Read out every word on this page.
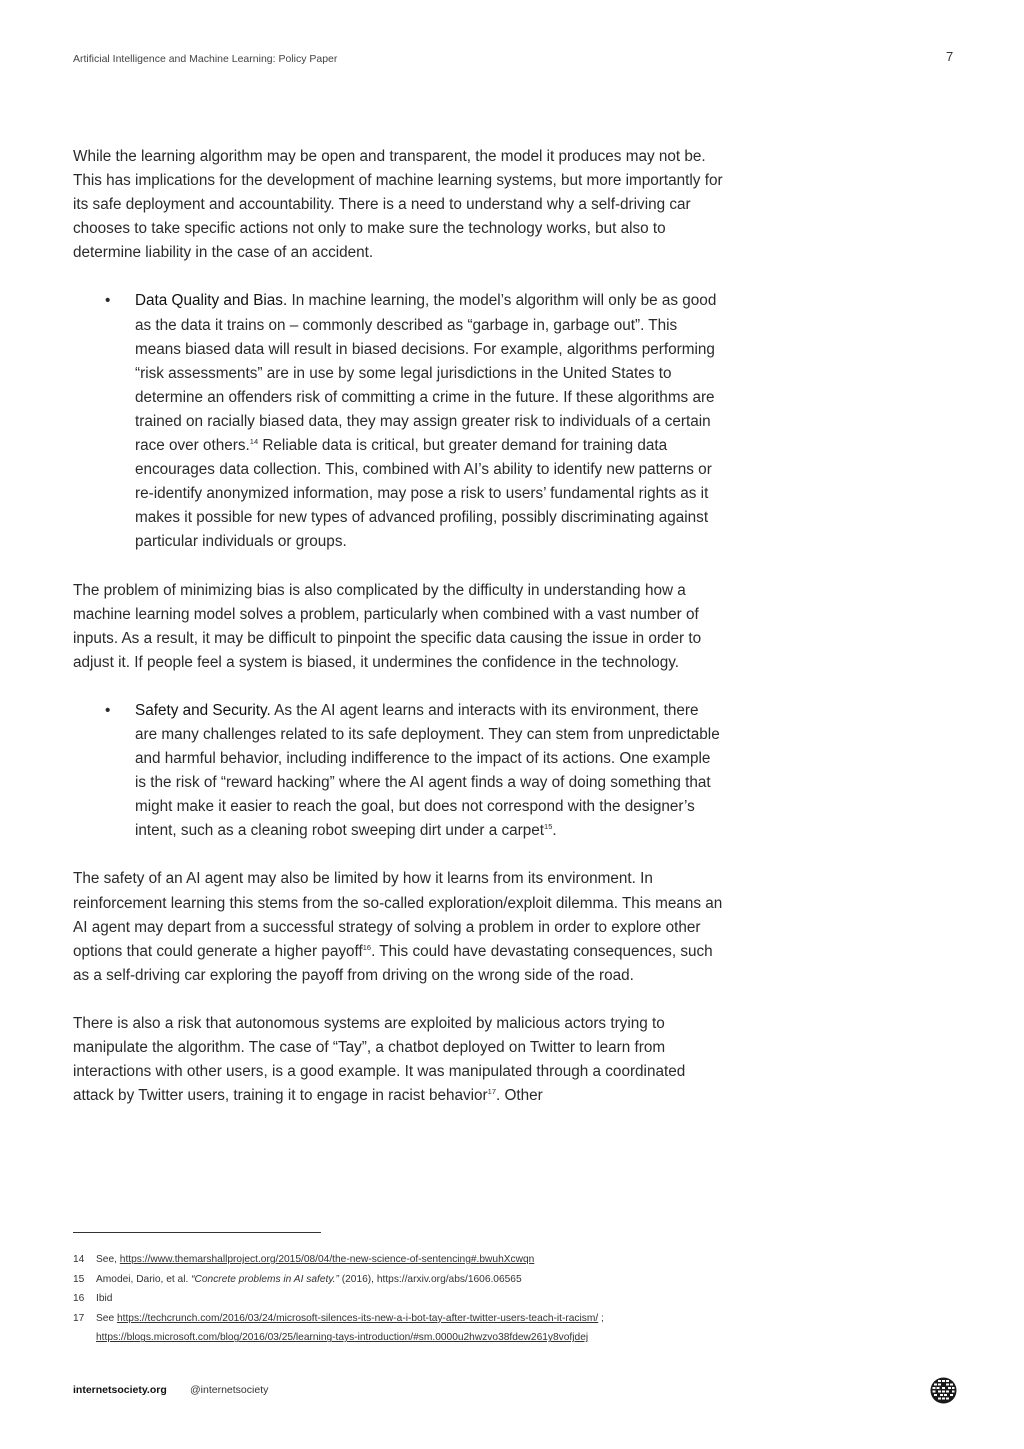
Artificial Intelligence and Machine Learning: Policy Paper	7

While the learning algorithm may be open and transparent, the model it produces may not be. This has implications for the development of machine learning systems, but more importantly for its safe deployment and accountability. There is a need to understand why a self-driving car chooses to take specific actions not only to make sure the technology works, but also to determine liability in the case of an accident.

• Data Quality and Bias. In machine learning, the model’s algorithm will only be as good as the data it trains on – commonly described as “garbage in, garbage out”. This means biased data will result in biased decisions. For example, algorithms performing “risk assessments” are in use by some legal jurisdictions in the United States to determine an offenders risk of committing a crime in the future. If these algorithms are trained on racially biased data, they may assign greater risk to individuals of a certain race over others.$^{14}$ Reliable data is critical, but greater demand for training data encourages data collection. This, combined with AI’s ability to identify new patterns or re-identify anonymized information, may pose a risk to users’ fundamental rights as it makes it possible for new types of advanced profiling, possibly discriminating against particular individuals or groups.

The problem of minimizing bias is also complicated by the difficulty in understanding how a machine learning model solves a problem, particularly when combined with a vast number of inputs. As a result, it may be difficult to pinpoint the specific data causing the issue in order to adjust it. If people feel a system is biased, it undermines the confidence in the technology.

• Safety and Security. As the AI agent learns and interacts with its environment, there are many challenges related to its safe deployment. They can stem from unpredictable and harmful behavior, including indifference to the impact of its actions. One example is the risk of “reward hacking” where the AI agent finds a way of doing something that might make it easier to reach the goal, but does not correspond with the designer’s intent, such as a cleaning robot sweeping dirt under a carpet$^{15}$.

The safety of an AI agent may also be limited by how it learns from its environment. In reinforcement learning this stems from the so-called exploration/exploit dilemma. This means an AI agent may depart from a successful strategy of solving a problem in order to explore other options that could generate a higher payoff$^{16}$. This could have devastating consequences, such as a self-driving car exploring the payoff from driving on the wrong side of the road.

There is also a risk that autonomous systems are exploited by malicious actors trying to manipulate the algorithm. The case of “Tay”, a chatbot deployed on Twitter to learn from interactions with other users, is a good example. It was manipulated through a coordinated attack by Twitter users, training it to engage in racist behavior$^{17}$. Other

14 See, https://www.themarshallproject.org/2015/08/04/the-new-science-of-sentencing#.bwuhXcwqn
15 Amodei, Dario, et al. “Concrete problems in AI safety.” (2016), https://arxiv.org/abs/1606.06565
16 Ibid
17 See https://techcrunch.com/2016/03/24/microsoft-silences-its-new-a-i-bot-tay-after-twitter-users-teach-it-racism/ ;
https://blogs.microsoft.com/blog/2016/03/25/learning-tays-introduction/#sm.0000u2hwzvo38fdew261y8vofjdej
internetsociety.org @internetsociety
